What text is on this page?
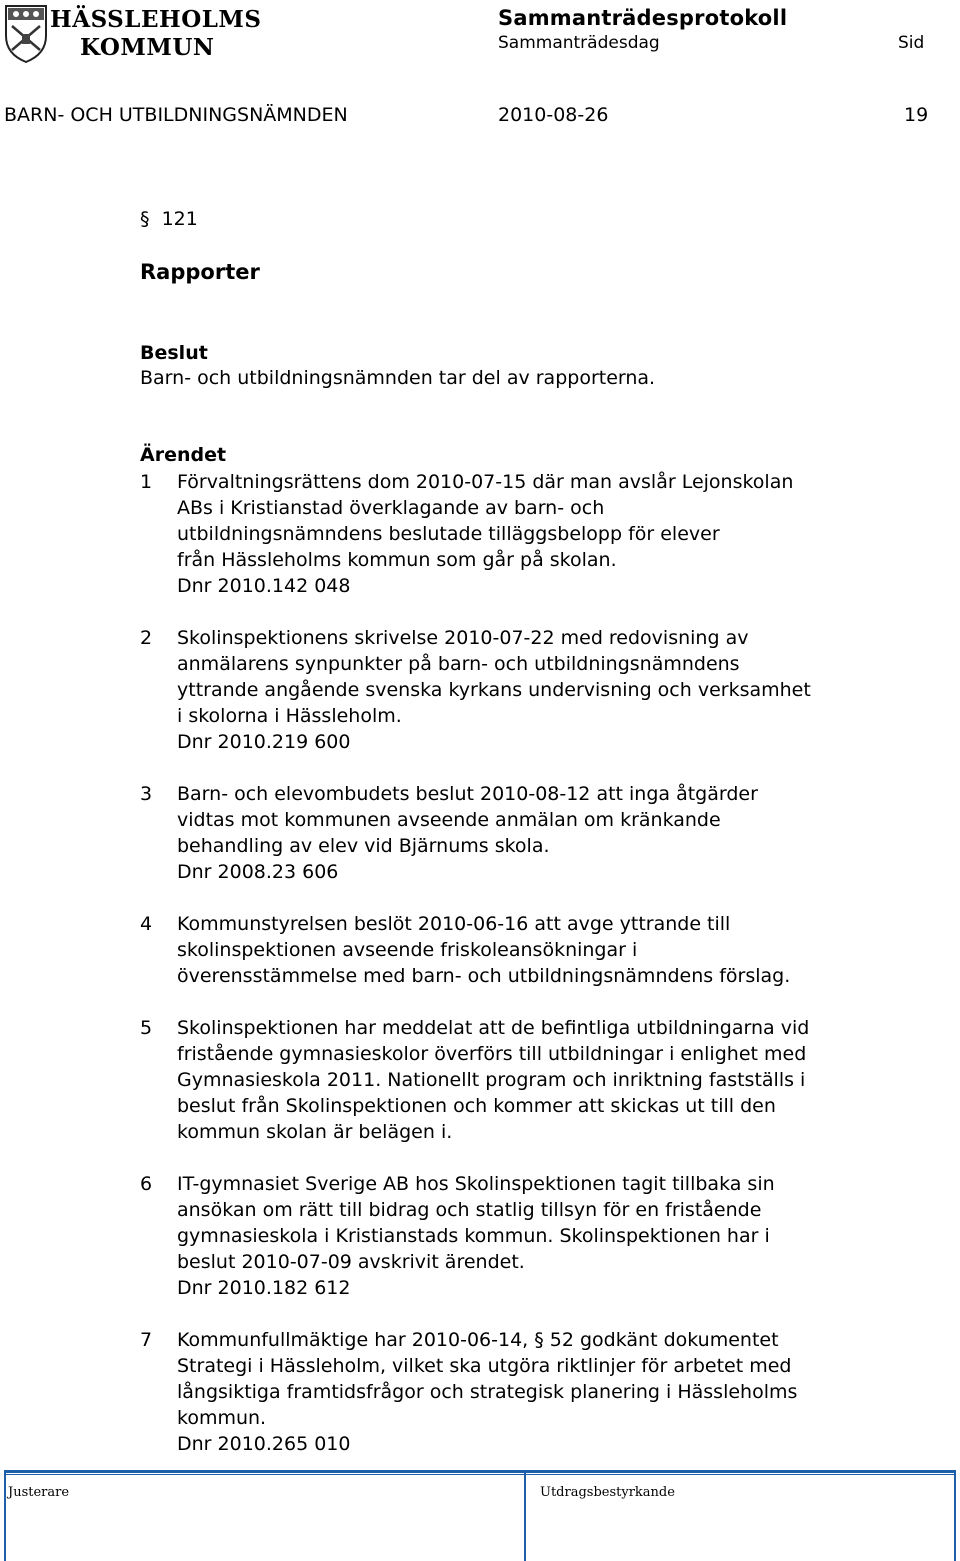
HÄSSLEHOLMS
KOMMUN
Sammanträdesprotokoll
Sammanträdesdag	Sid
BARN- OCH UTBILDNINGSNÄMNDEN	2010-08-26	19
§ 121
Rapporter
Beslut
Barn- och utbildningsnämnden tar del av rapporterna.
Ärendet
1	Förvaltningsrättens dom 2010-07-15 där man avslår Lejonskolan
ABs i Kristianstad överklagande av barn- och
utbildningsnämndens beslutade tilläggsbelopp för elever
från Hässleholms kommun som går på skolan.
Dnr 2010.142 048
2	Skolinspektionens skrivelse 2010-07-22 med redovisning av
anmälarens synpunkter på barn- och utbildningsnämndens
yttrande angående svenska kyrkans undervisning och verksamhet
i skolorna i Hässleholm.
Dnr 2010.219 600
3	Barn- och elevombudets beslut 2010-08-12 att inga åtgärder
vidtas mot kommunen avseende anmälan om kränkande
behandling av elev vid Bjärnums skola.
Dnr 2008.23 606
4	Kommunstyrelsen beslöt 2010-06-16 att avge yttrande till
skolinspektionen avseende friskoleansökningar i
överensstämmelse med barn- och utbildningsnämndens förslag.
5	Skolinspektionen har meddelat att de befintliga utbildningarna vid
fristående gymnasieskolor överförs till utbildningar i enlighet med
Gymnasieskola 2011. Nationellt program och inriktning fastställs i
beslut från Skolinspektionen och kommer att skickas ut till den
kommun skolan är belägen i.
6	IT-gymnasiet Sverige AB hos Skolinspektionen tagit tillbaka sin
ansökan om rätt till bidrag och statlig tillsyn för en fristående
gymnasieskola i Kristianstads kommun. Skolinspektionen har i
beslut 2010-07-09 avskrivit ärendet.
Dnr 2010.182 612
7	Kommunfullmäktige har 2010-06-14, § 52 godkänt dokumentet
Strategi i Hässleholm, vilket ska utgöra riktlinjer för arbetet med
långsiktiga framtidsfrågor och strategisk planering i Hässleholms
kommun.
Dnr 2010.265 010
Justerare	Utdragsbestyrkande
